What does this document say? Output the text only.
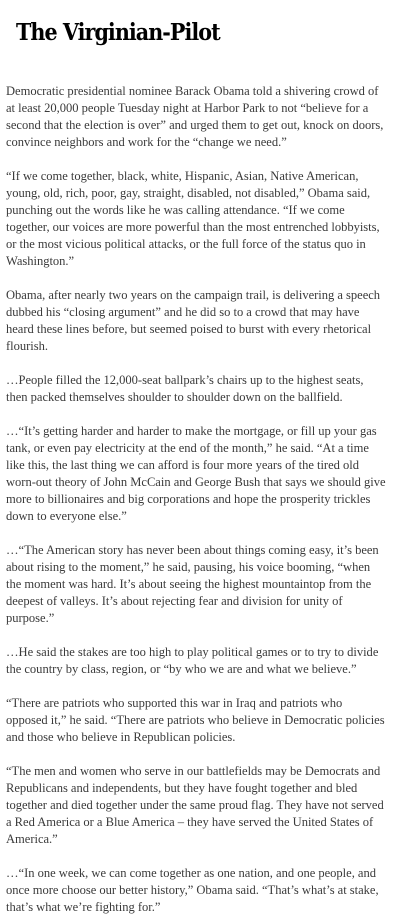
The Virginian-Pilot

Democratic presidential nominee Barack Obama told a shivering crowd of at least 20,000 people Tuesday night at Harbor Park to not “believe for a second that the election is over” and urged them to get out, knock on doors, convince neighbors and work for the “change we need.”

“If we come together, black, white, Hispanic, Asian, Native American, young, old, rich, poor, gay, straight, disabled, not disabled,” Obama said, punching out the words like he was calling attendance. “If we come together, our voices are more powerful than the most entrenched lobbyists, or the most vicious political attacks, or the full force of the status quo in Washington.”

Obama, after nearly two years on the campaign trail, is delivering a speech dubbed his “closing argument” and he did so to a crowd that may have heard these lines before, but seemed poised to burst with every rhetorical flourish.

…People filled the 12,000-seat ballpark’s chairs up to the highest seats, then packed themselves shoulder to shoulder down on the ballfield.

…“It’s getting harder and harder to make the mortgage, or fill up your gas tank, or even pay electricity at the end of the month,” he said. “At a time like this, the last thing we can afford is four more years of the tired old worn-out theory of John McCain and George Bush that says we should give more to billionaires and big corporations and hope the prosperity trickles down to everyone else.”

…“The American story has never been about things coming easy, it’s been about rising to the moment,” he said, pausing, his voice booming, “when the moment was hard. It’s about seeing the highest mountaintop from the deepest of valleys. It’s about rejecting fear and division for unity of purpose.”

…He said the stakes are too high to play political games or to try to divide the country by class, region, or “by who we are and what we believe.”

“There are patriots who supported this war in Iraq and patriots who opposed it,” he said. “There are patriots who believe in Democratic policies and those who believe in Republican policies.

“The men and women who serve in our battlefields may be Democrats and Republicans and independents, but they have fought together and bled together and died together under the same proud flag. They have not served a Red America or a Blue America – they have served the United States of America.”

…“In one week, we can come together as one nation, and one people, and once more choose our better history,” Obama said. “That’s what’s at stake, that’s what we’re fighting for.”
